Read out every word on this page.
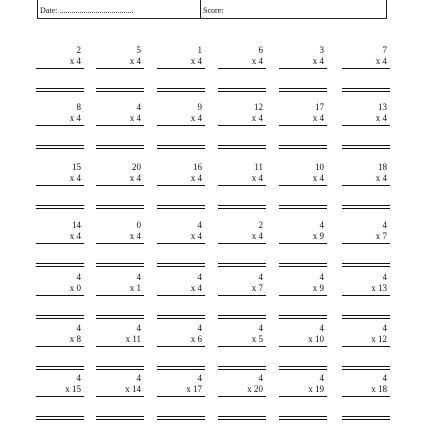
Date: .....................................	Score:
2
x 4
5
x 4
1
x 4
6
x 4
3
x 4
7
x 4
8
x 4
4
x 4
9
x 4
12
x 4
17
x 4
13
x 4
15
x 4
20
x 4
16
x 4
11
x 4
10
x 4
18
x 4
14
x 4
0
x 4
4
x 4
2
x 4
4
x 9
4
x 7
4
x 0
4
x 1
4
x 4
4
x 7
4
x 9
4
x 13
4
x 8
4
x 11
4
x 6
4
x 5
4
x 10
4
x 12
4
x 15
4
x 14
4
x 17
4
x 20
4
x 19
4
x 18
